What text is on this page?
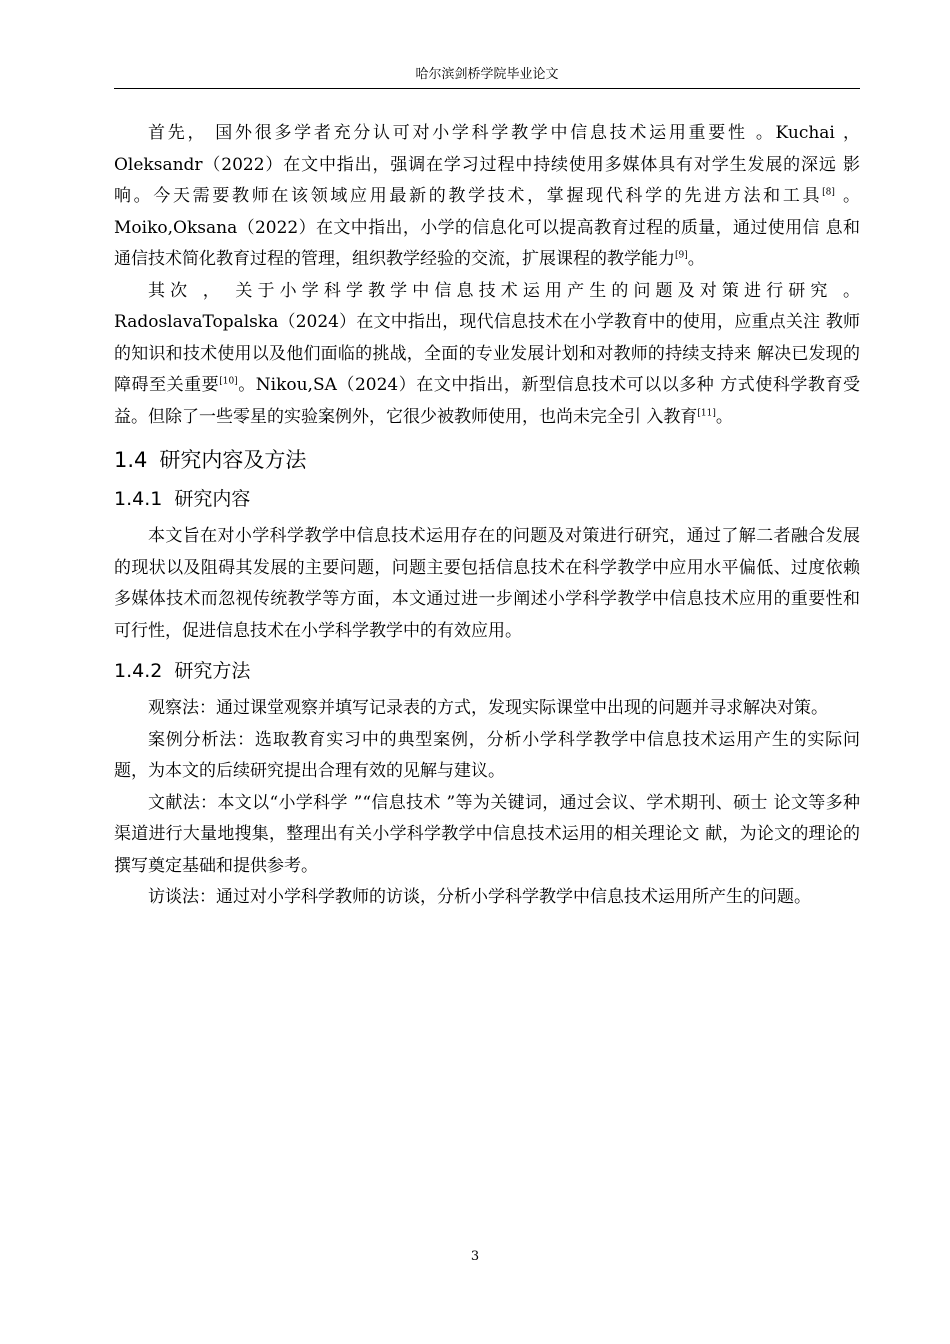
哈尔滨剑桥学院毕业论文

首先， 国外很多学者充分认可对小学科学教学中信息技术运用重要性 。Kuchai ， Oleksandr（2022）在文中指出，强调在学习过程中持续使用多媒体具有对学生发展的深远 影响。今天需要教师在该领域应用最新的教学技术，掌握现代科学的先进方法和工具[8] 。 Moiko,Oksana（2022）在文中指出，小学的信息化可以提高教育过程的质量，通过使用信 息和通信技术简化教育过程的管理，组织教学经验的交流，扩展课程的教学能力[9]。

其次 ， 关于小学科学教学中信息技术运用产生的问题及对策进行研究 。 RadoslavaTopalska（2024）在文中指出，现代信息技术在小学教育中的使用，应重点关注 教师的知识和技术使用以及他们面临的挑战，全面的专业发展计划和对教师的持续支持来 解决已发现的障碍至关重要[10]。Nikou,SA（2024）在文中指出，新型信息技术可以以多种 方式使科学教育受益。但除了一些零星的实验案例外，它很少被教师使用，也尚未完全引 入教育[11]。

1.4 研究内容及方法
1.4.1 研究内容

本文旨在对小学科学教学中信息技术运用存在的问题及对策进行研究，通过了解二者融合发展的现状以及阻碍其发展的主要问题，问题主要包括信息技术在科学教学中应用水平偏低、过度依赖多媒体技术而忽视传统教学等方面，本文通过进一步阐述小学科学教学中信息技术应用的重要性和可行性，促进信息技术在小学科学教学中的有效应用。

1.4.2 研究方法

观察法：通过课堂观察并填写记录表的方式，发现实际课堂中出现的问题并寻求解决对策。

案例分析法：选取教育实习中的典型案例，分析小学科学教学中信息技术运用产生的实际问题，为本文的后续研究提出合理有效的见解与建议。

文献法：本文以“小学科学 ”“信息技术 ”等为关键词，通过会议、学术期刊、硕士 论文等多种渠道进行大量地搜集，整理出有关小学科学教学中信息技术运用的相关理论文 献，为论文的理论的撰写奠定基础和提供参考。

访谈法：通过对小学科学教师的访谈，分析小学科学教学中信息技术运用所产生的问题。

3
